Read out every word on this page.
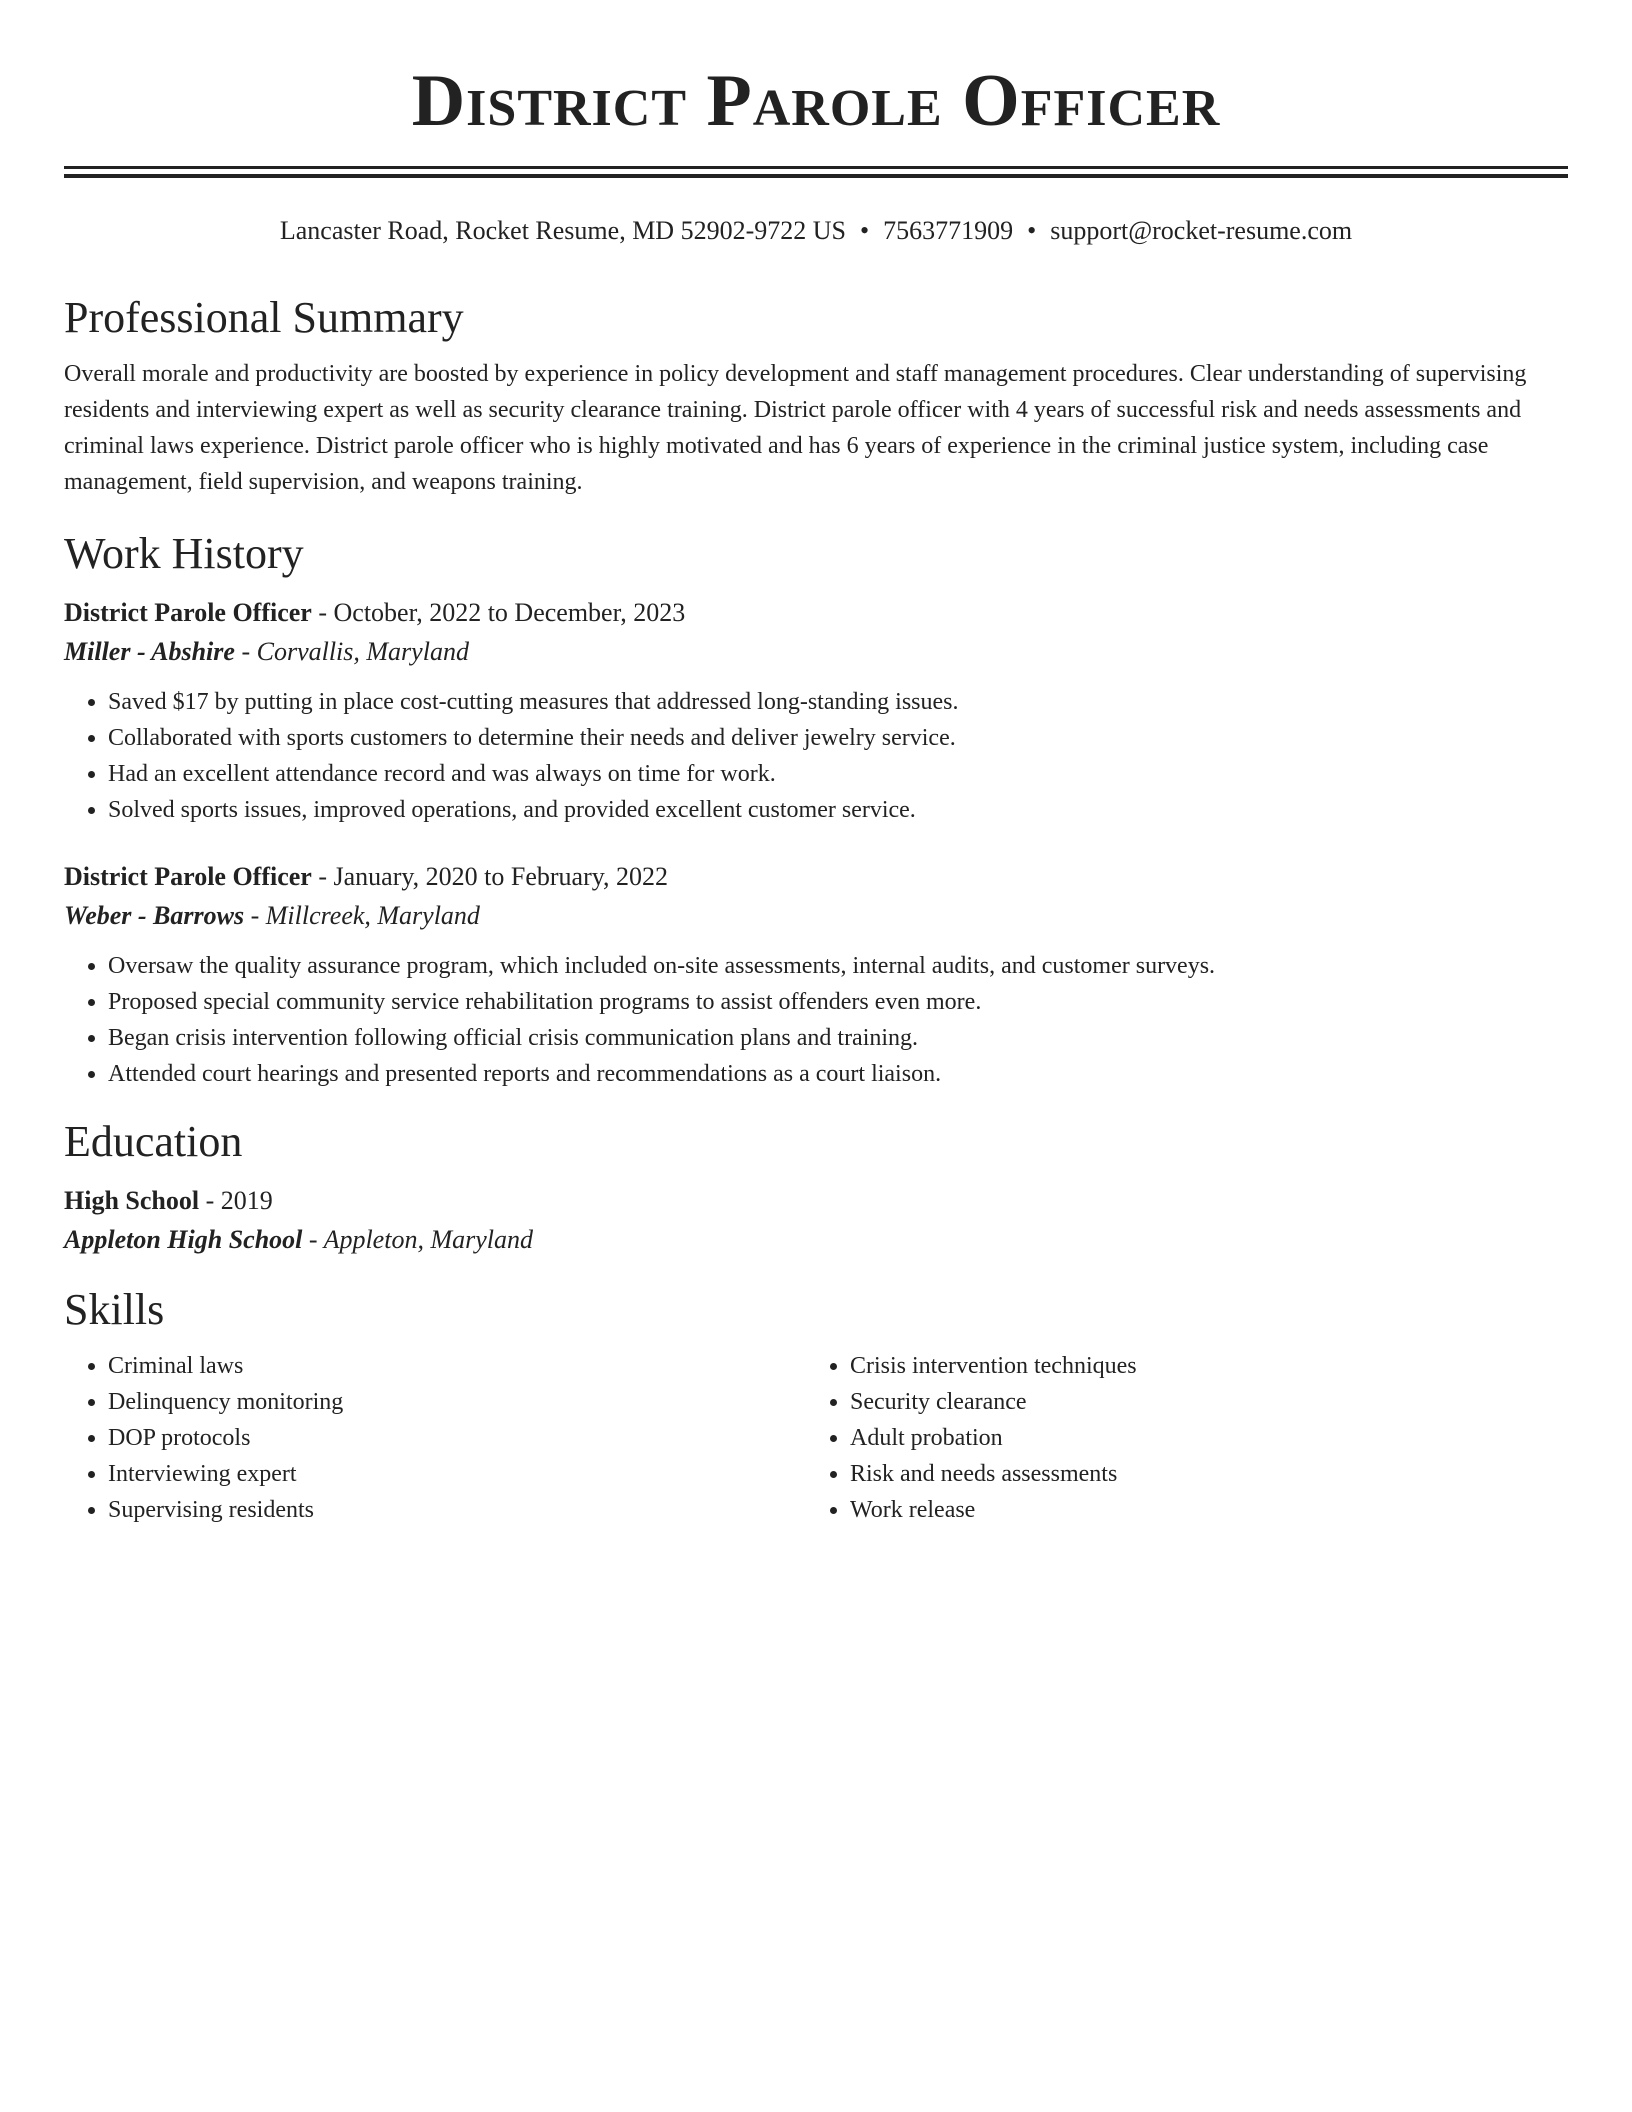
District Parole Officer
Lancaster Road, Rocket Resume, MD 52902-9722 US • 7563771909 • support@rocket-resume.com
Professional Summary
Overall morale and productivity are boosted by experience in policy development and staff management procedures. Clear understanding of supervising residents and interviewing expert as well as security clearance training. District parole officer with 4 years of successful risk and needs assessments and criminal laws experience. District parole officer who is highly motivated and has 6 years of experience in the criminal justice system, including case management, field supervision, and weapons training.
Work History
District Parole Officer - October, 2022 to December, 2023
Miller - Abshire - Corvallis, Maryland
• Saved $17 by putting in place cost-cutting measures that addressed long-standing issues.
• Collaborated with sports customers to determine their needs and deliver jewelry service.
• Had an excellent attendance record and was always on time for work.
• Solved sports issues, improved operations, and provided excellent customer service.
District Parole Officer - January, 2020 to February, 2022
Weber - Barrows - Millcreek, Maryland
• Oversaw the quality assurance program, which included on-site assessments, internal audits, and customer surveys.
• Proposed special community service rehabilitation programs to assist offenders even more.
• Began crisis intervention following official crisis communication plans and training.
• Attended court hearings and presented reports and recommendations as a court liaison.
Education
High School - 2019
Appleton High School - Appleton, Maryland
Skills
• Criminal laws
• Delinquency monitoring
• DOP protocols
• Interviewing expert
• Supervising residents
• Crisis intervention techniques
• Security clearance
• Adult probation
• Risk and needs assessments
• Work release
